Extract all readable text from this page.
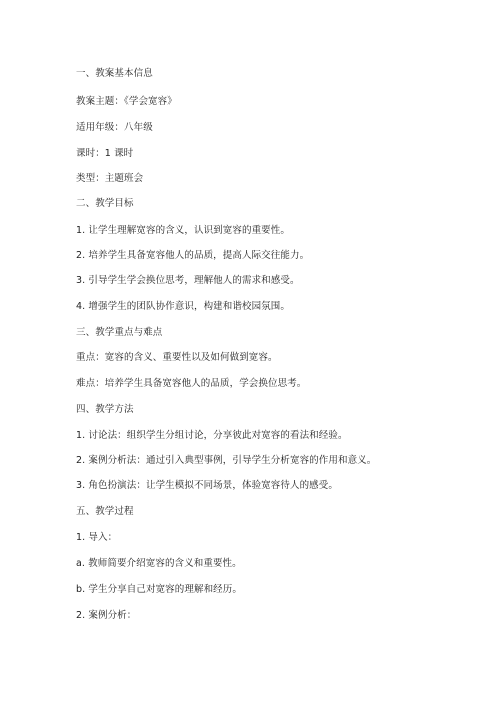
一、教案基本信息
教案主题：《学会宽容》
适用年级：八年级
课时：1 课时
类型：主题班会
二、教学目标
1. 让学生理解宽容的含义，认识到宽容的重要性。
2. 培养学生具备宽容他人的品质，提高人际交往能力。
3. 引导学生学会换位思考，理解他人的需求和感受。
4. 增强学生的团队协作意识，构建和谐校园氛围。
三、教学重点与难点
重点：宽容的含义、重要性以及如何做到宽容。
难点：培养学生具备宽容他人的品质，学会换位思考。
四、教学方法
1. 讨论法：组织学生分组讨论，分享彼此对宽容的看法和经验。
2. 案例分析法：通过引入典型事例，引导学生分析宽容的作用和意义。
3. 角色扮演法：让学生模拟不同场景，体验宽容待人的感受。
五、教学过程
1. 导入：
a. 教师简要介绍宽容的含义和重要性。
b. 学生分享自己对宽容的理解和经历。
2. 案例分析：
